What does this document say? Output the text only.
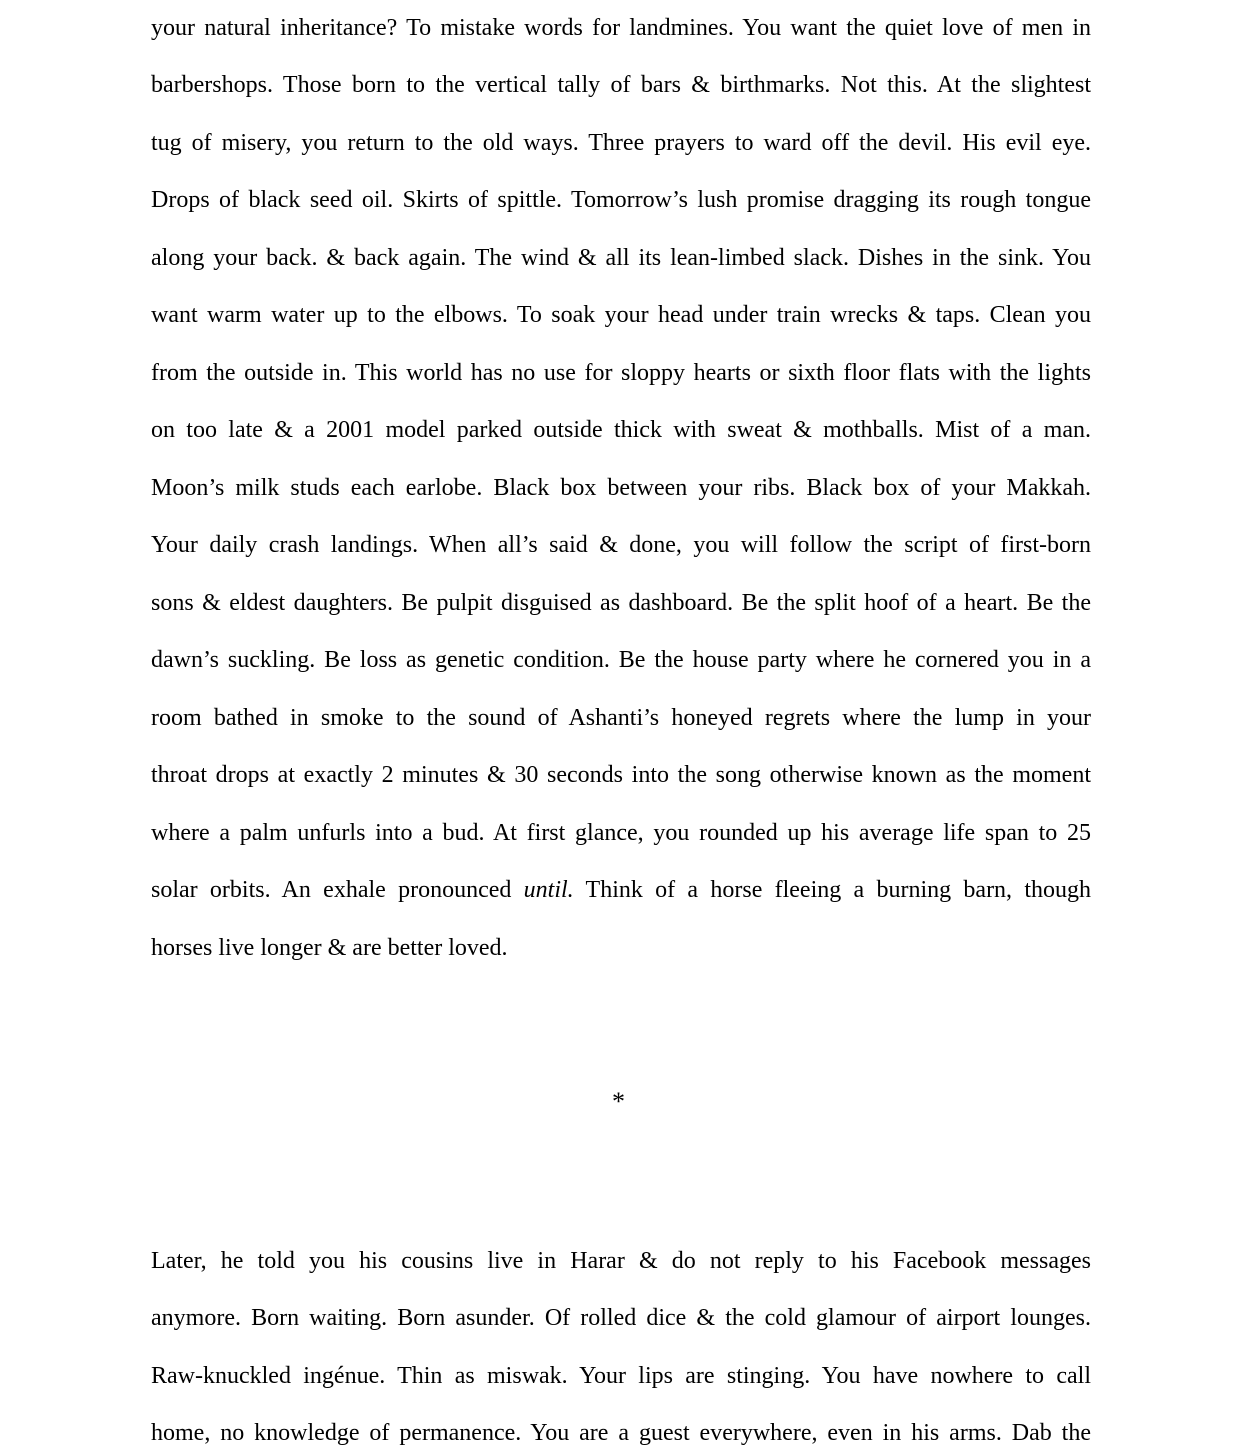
your natural inheritance? To mistake words for landmines. You want the quiet love of men in
barbershops. Those born to the vertical tally of bars & birthmarks. Not this. At the slightest
tug of misery, you return to the old ways. Three prayers to ward off the devil. His evil eye.
Drops of black seed oil. Skirts of spittle. Tomorrow’s lush promise dragging its rough tongue
along your back. & back again. The wind & all its lean-limbed slack. Dishes in the sink. You
want warm water up to the elbows. To soak your head under train wrecks & taps. Clean you
from the outside in. This world has no use for sloppy hearts or sixth floor flats with the lights
on too late & a 2001 model parked outside thick with sweat & mothballs. Mist of a man.
Moon’s milk studs each earlobe. Black box between your ribs. Black box of your Makkah.
Your daily crash landings. When all’s said & done, you will follow the script of first-born
sons & eldest daughters. Be pulpit disguised as dashboard. Be the split hoof of a heart. Be the
dawn’s suckling. Be loss as genetic condition. Be the house party where he cornered you in a
room bathed in smoke to the sound of Ashanti’s honeyed regrets where the lump in your
throat drops at exactly 2 minutes & 30 seconds into the song otherwise known as the moment
where a palm unfurls into a bud. At first glance, you rounded up his average life span to 25
solar orbits. An exhale pronounced until. Think of a horse fleeing a burning barn, though
horses live longer & are better loved.
*
Later, he told you his cousins live in Harar & do not reply to his Facebook messages
anymore. Born waiting. Born asunder. Of rolled dice & the cold glamour of airport lounges.
Raw-knuckled ingénue. Thin as miswak. Your lips are stinging. You have nowhere to call
home, no knowledge of permanence. You are a guest everywhere, even in his arms. Dab the
